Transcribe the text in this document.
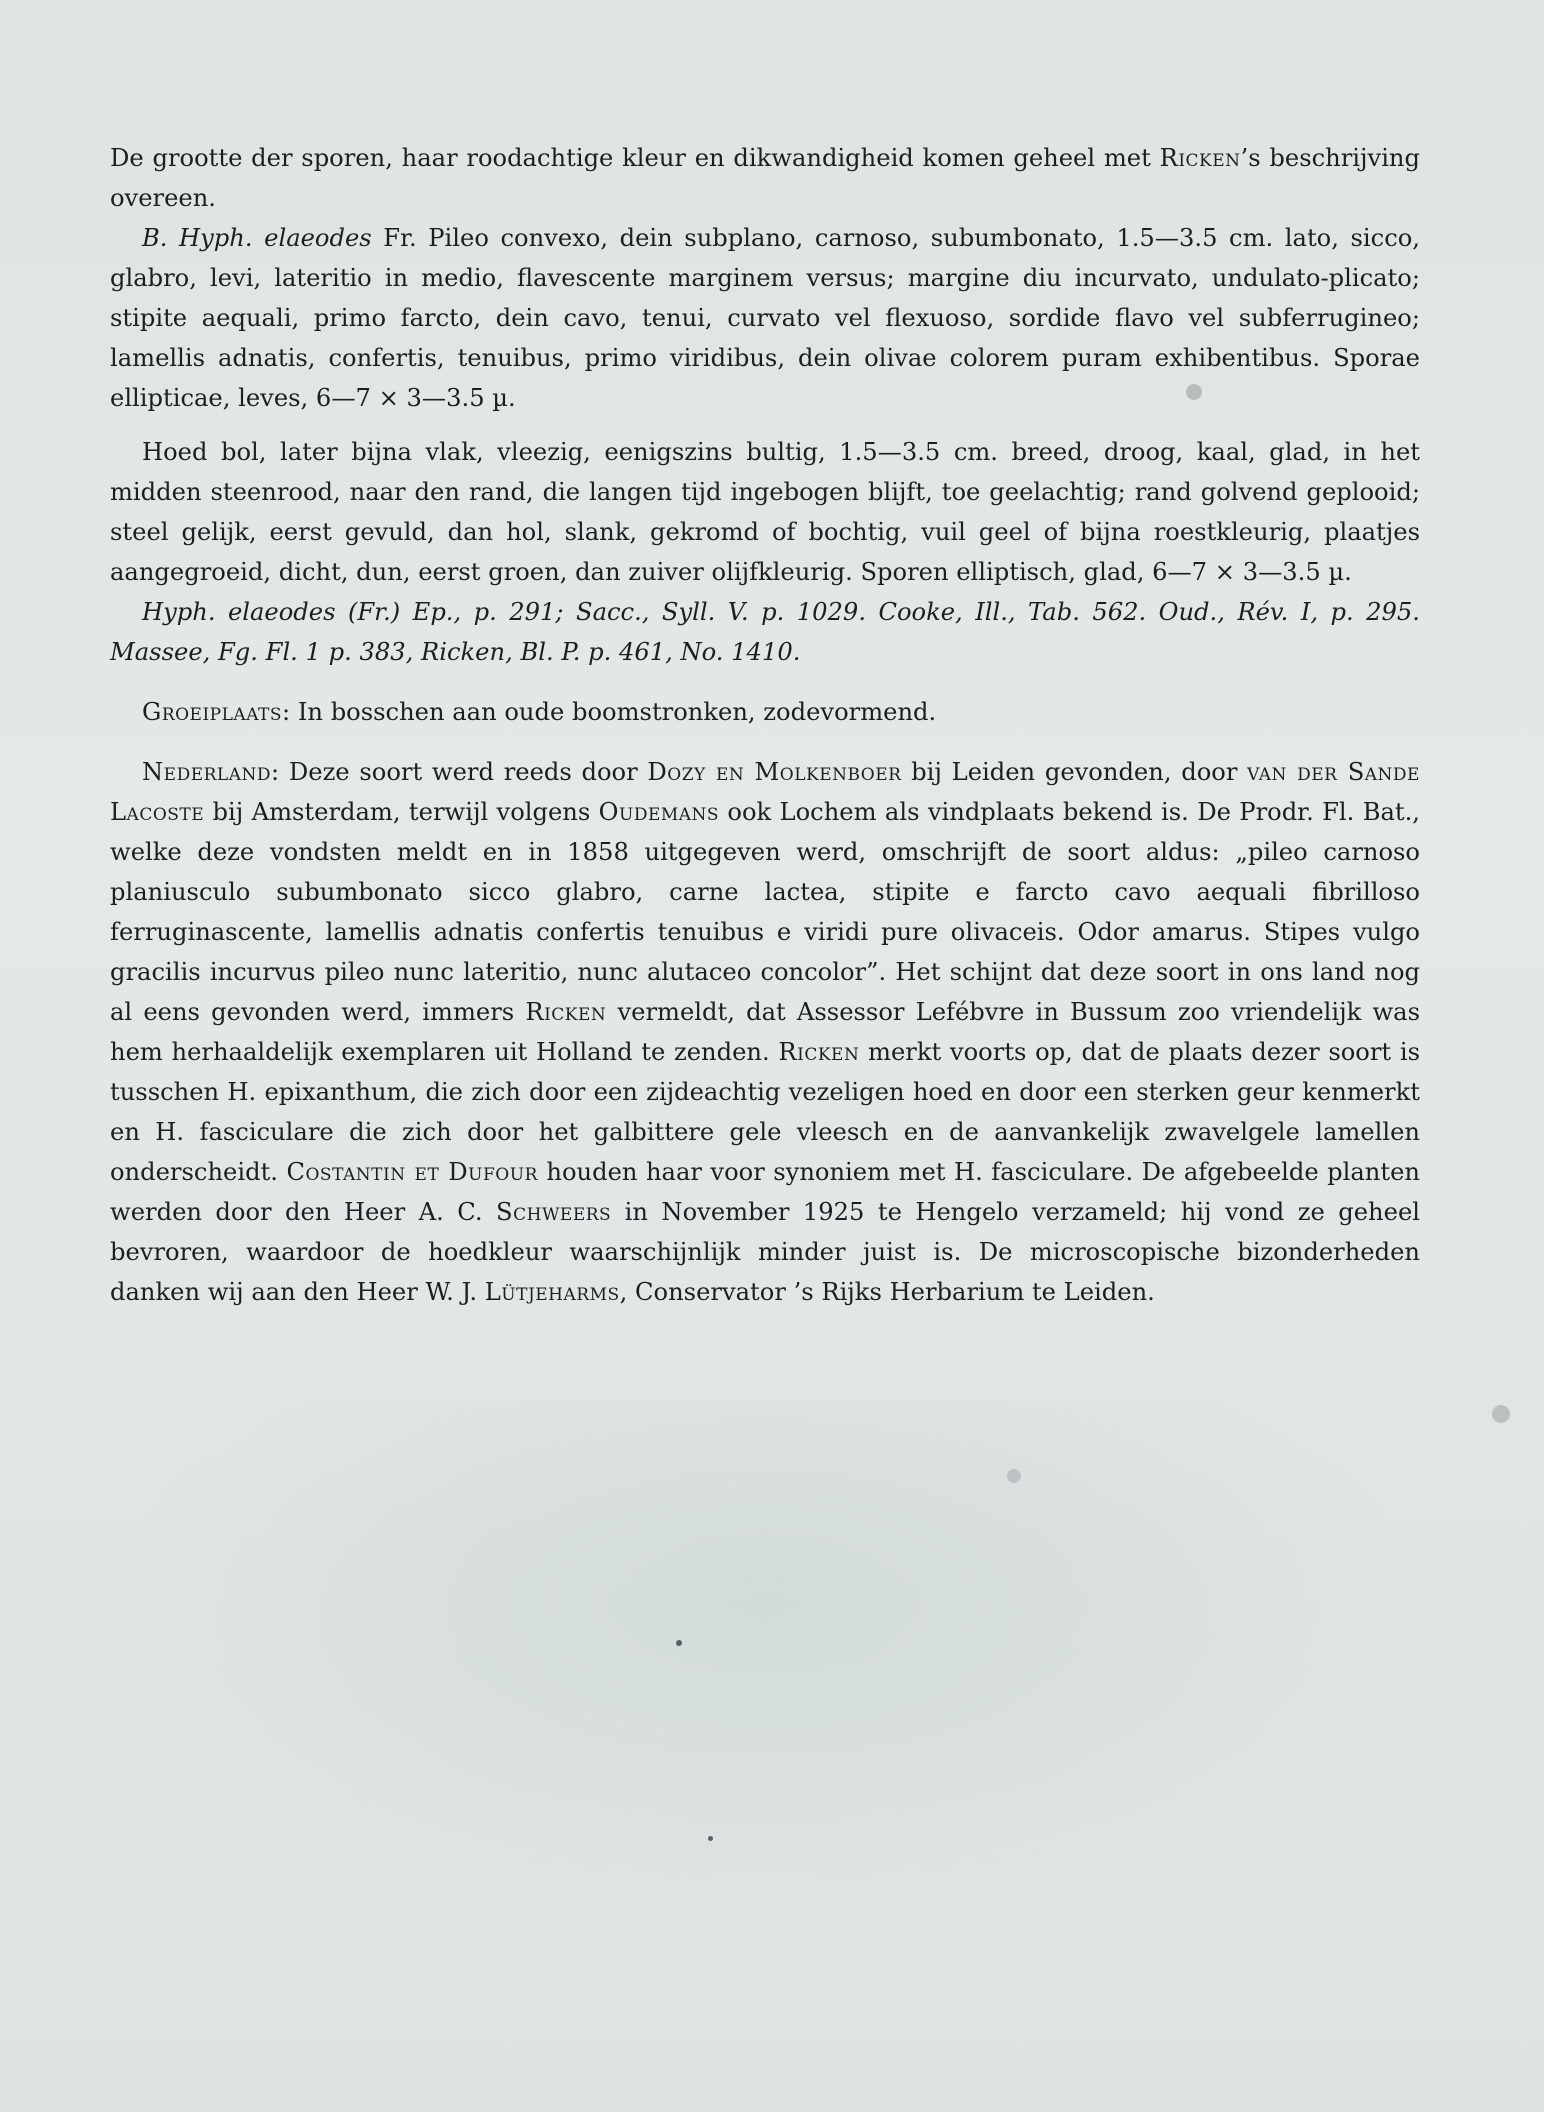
De grootte der sporen, haar roodachtige kleur en dikwandigheid komen geheel met Ricken’s beschrijving overeen.

B. Hyph. elaeodes Fr. Pileo convexo, dein subplano, carnoso, subumbonato, 1.5—3.5 cm. lato, sicco, glabro, levi, lateritio in medio, flavescente marginem versus; margine diu incurvato, undulato-plicato; stipite aequali, primo farcto, dein cavo, tenui, curvato vel flexuoso, sordide flavo vel subferrugineo; lamellis adnatis, confertis, tenuibus, primo viridibus, dein olivae colorem puram exhibentibus. Sporae ellipticae, leves, 6—7 × 3—3.5 µ.

Hoed bol, later bijna vlak, vleezig, eenigszins bultig, 1.5—3.5 cm. breed, droog, kaal, glad, in het midden steenrood, naar den rand, die langen tijd ingebogen blijft, toe geelachtig; rand golvend geplooid; steel gelijk, eerst gevuld, dan hol, slank, gekromd of bochtig, vuil geel of bijna roestkleurig, plaatjes aangegroeid, dicht, dun, eerst groen, dan zuiver olijfkleurig. Sporen elliptisch, glad, 6—7 × 3—3.5 µ.

Hyph. elaeodes (Fr.) Ep., p. 291; Sacc., Syll. V. p. 1029. Cooke, Ill., Tab. 562. Oud., Rév. I, p. 295. Massee, Fg. Fl. 1 p. 383, Ricken, Bl. P. p. 461, No. 1410.

Groeiplaats: In bosschen aan oude boomstronken, zodevormend.

Nederland: Deze soort werd reeds door Dozy en Molkenboer bij Leiden gevonden, door van der Sande Lacoste bij Amsterdam, terwijl volgens Oudemans ook Lochem als vindplaats bekend is. De Prodr. Fl. Bat., welke deze vondsten meldt en in 1858 uitgegeven werd, omschrijft de soort aldus: „pileo carnoso planiusculo subumbonato sicco glabro, carne lactea, stipite e farcto cavo aequali fibrilloso ferruginascente, lamellis adnatis confertis tenuibus e viridi pure olivaceis. Odor amarus. Stipes vulgo gracilis incurvus pileo nunc lateritio, nunc alutaceo concolor”. Het schijnt dat deze soort in ons land nog al eens gevonden werd, immers Ricken vermeldt, dat Assessor Lefébvre in Bussum zoo vriendelijk was hem herhaaldelijk exemplaren uit Holland te zenden. Ricken merkt voorts op, dat de plaats dezer soort is tusschen H. epixanthum, die zich door een zijdeachtig vezeligen hoed en door een sterken geur kenmerkt en H. fasciculare die zich door het galbittere gele vleesch en de aanvankelijk zwavelgele lamellen onderscheidt. Costantin et Dufour houden haar voor synoniem met H. fasciculare. De afgebeelde planten werden door den Heer A. C. Schweers in November 1925 te Hengelo verzameld; hij vond ze geheel bevroren, waardoor de hoedkleur waarschijnlijk minder juist is. De microscopische bizonderheden danken wij aan den Heer W. J. Lütjeharms, Conservator ’s Rijks Herbarium te Leiden.
